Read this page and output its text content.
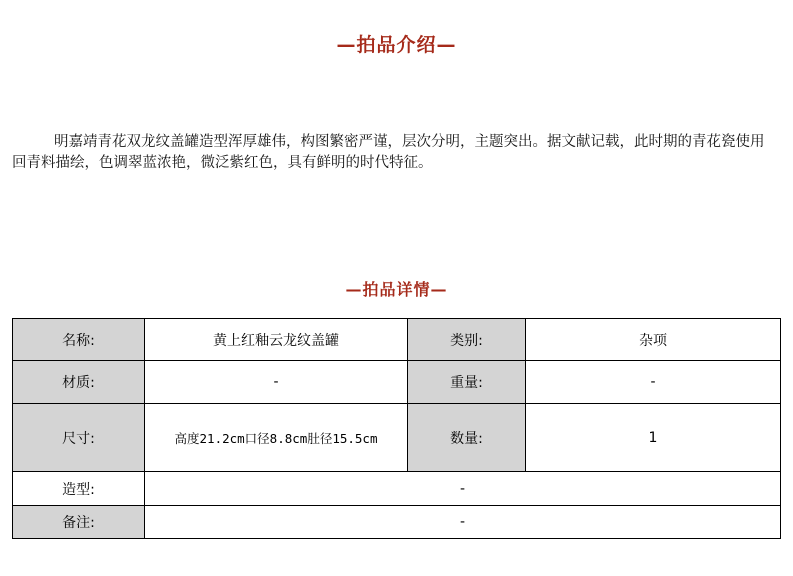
—拍品介绍—

明嘉靖青花双龙纹盖罐造型浑厚雄伟，构图繁密严谨，层次分明，主题突出。据文献记载，此时期的青花瓷使用回青料描绘，色调翠蓝浓艳，微泛紫红色，具有鲜明的时代特征。

—拍品详情—
名称:	黄上红釉云龙纹盖罐	类别:	杂项
材质:	-	重量:	-
尺寸:	高度21.2cm口径8.8cm肚径15.5cm	数量:	1
造型:	-		
备注:	-		
